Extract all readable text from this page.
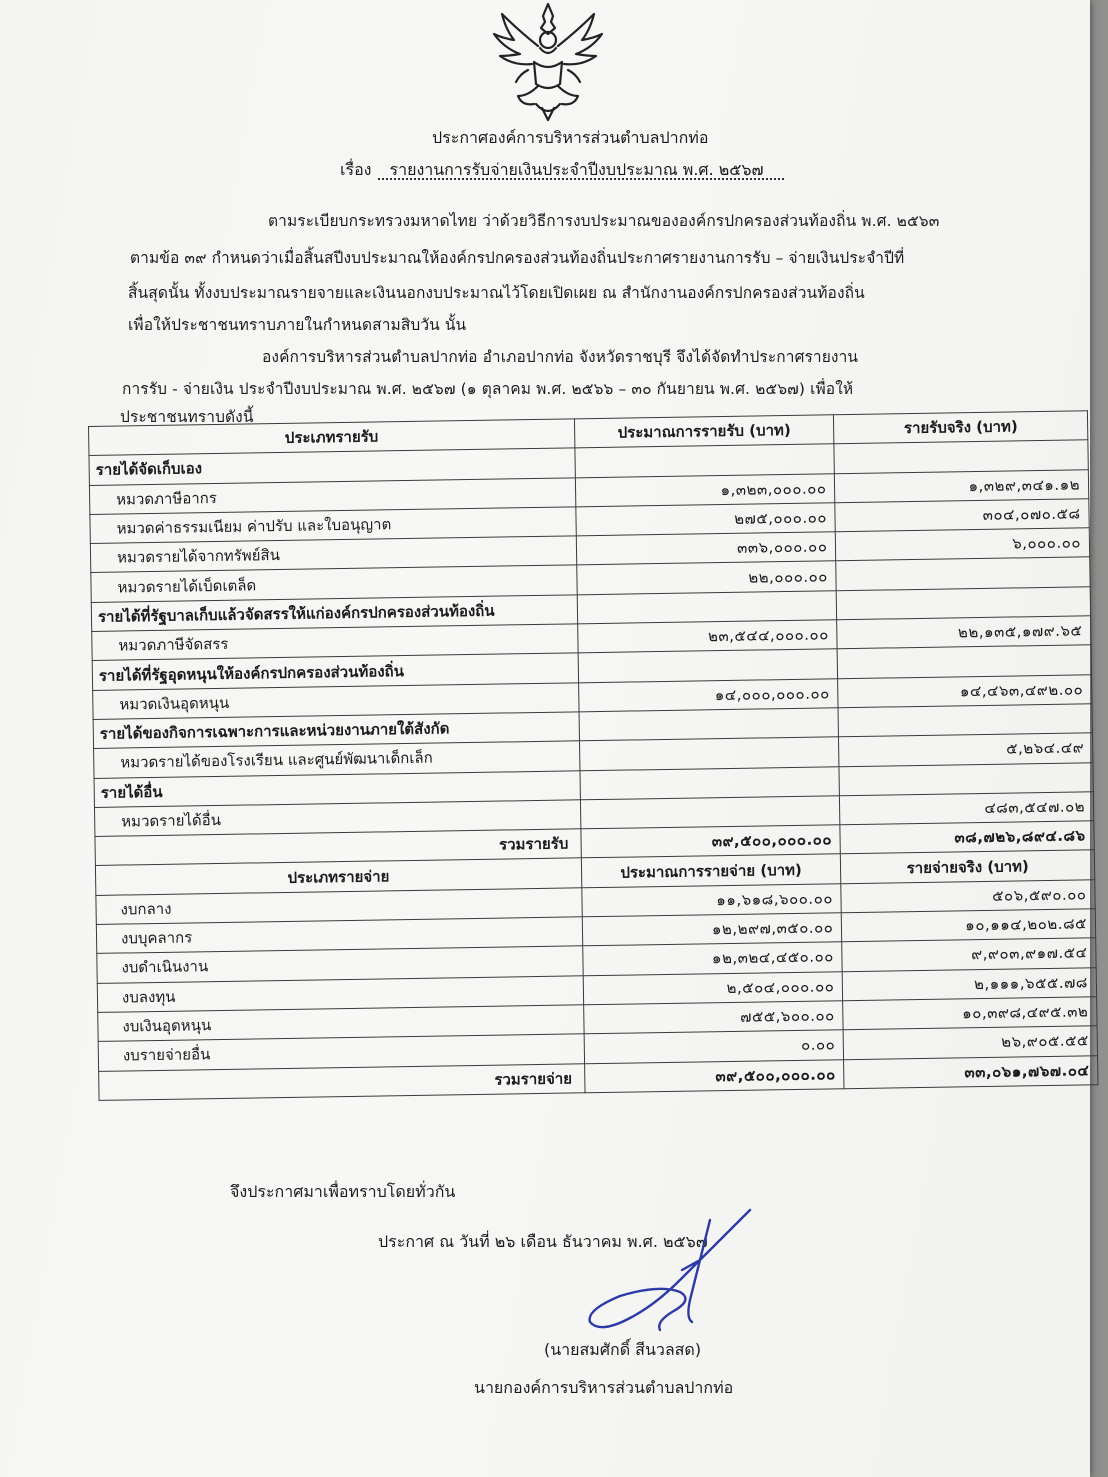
ประกาศองค์การบริหารส่วนตำบลปากท่อ
เรื่อง รายงานการรับจ่ายเงินประจำปีงบประมาณ พ.ศ. ๒๕๖๗
ตามระเบียบกระทรวงมหาดไทย ว่าด้วยวิธีการงบประมาณขององค์กรปกครองส่วนท้องถิ่น พ.ศ. ๒๕๖๓
ตามข้อ ๓๙ กำหนดว่าเมื่อสิ้นสปีงบประมาณให้องค์กรปกครองส่วนท้องถิ่นประกาศรายงานการรับ – จ่ายเงินประจำปีที่
สิ้นสุดนั้น ทั้งงบประมาณรายจายและเงินนอกงบประมาณไว้โดยเปิดเผย ณ สำนักงานองค์กรปกครองส่วนท้องถิ่น
เพื่อให้ประชาชนทราบภายในกำหนดสามสิบวัน นั้น
องค์การบริหารส่วนตำบลปากท่อ อำเภอปากท่อ จังหวัดราชบุรี จึงได้จัดทำประกาศรายงาน
การรับ - จ่ายเงิน ประจำปีงบประมาณ พ.ศ. ๒๕๖๗ (๑ ตุลาคม พ.ศ. ๒๕๖๖ – ๓๐ กันยายน พ.ศ. ๒๕๖๗) เพื่อให้
ประชาชนทราบดังนี้
ประเภทรายรับ	ประมาณการรายรับ (บาท)	รายรับจริง (บาท)
รายได้จัดเก็บเอง		
หมวดภาษีอากร	๑,๓๒๓,๐๐๐.๐๐	๑,๓๒๙,๓๔๑.๑๒
หมวดค่าธรรมเนียม ค่าปรับ และใบอนุญาต	๒๗๕,๐๐๐.๐๐	๓๐๔,๐๗๐.๕๘
หมวดรายได้จากทรัพย์สิน	๓๓๖,๐๐๐.๐๐	๖,๐๐๐.๐๐
หมวดรายได้เบ็ดเตล็ด	๒๒,๐๐๐.๐๐	
รายได้ที่รัฐบาลเก็บแล้วจัดสรรให้แก่องค์กรปกครองส่วนท้องถิ่น		
หมวดภาษีจัดสรร	๒๓,๕๔๔,๐๐๐.๐๐	๒๒,๑๓๕,๑๗๙.๖๕
รายได้ที่รัฐอุดหนุนให้องค์กรปกครองส่วนท้องถิ่น		
หมวดเงินอุดหนุน	๑๔,๐๐๐,๐๐๐.๐๐	๑๔,๔๖๓,๔๙๒.๐๐
รายได้ของกิจการเฉพาะการและหน่วยงานภายใต้สังกัด		
หมวดรายได้ของโรงเรียน และศูนย์พัฒนาเด็กเล็ก		๕,๒๖๔.๔๙
รายได้อื่น		
หมวดรายได้อื่น		๔๘๓,๕๔๗.๐๒
รวมรายรับ	๓๙,๕๐๐,๐๐๐.๐๐	๓๘,๗๒๖,๘๙๔.๘๖
ประเภทรายจ่าย	ประมาณการรายจ่าย (บาท)	รายจ่ายจริง (บาท)
งบกลาง	๑๑,๖๑๘,๖๐๐.๐๐	๕๐๖,๕๙๐.๐๐
งบบุคลากร	๑๒,๒๙๗,๓๕๐.๐๐	๑๐,๑๑๔,๒๐๒.๘๕
งบดำเนินงาน	๑๒,๓๒๔,๔๕๐.๐๐	๙,๙๐๓,๙๑๗.๕๔
งบลงทุน	๒,๕๐๔,๐๐๐.๐๐	๒,๑๑๑,๖๕๕.๗๘
งบเงินอุดหนุน	๗๕๕,๖๐๐.๐๐	๑๐,๓๙๘,๔๙๕.๓๒
งบรายจ่ายอื่น	๐.๐๐	๒๖,๙๐๕.๕๕
รวมรายจ่าย	๓๙,๕๐๐,๐๐๐.๐๐	๓๓,๐๖๑,๗๖๗.๐๔
จึงประกาศมาเพื่อทราบโดยทั่วกัน
ประกาศ ณ วันที่ ๒๖ เดือน ธันวาคม พ.ศ. ๒๕๖๗
(นายสมศักดิ์ สีนวลสด)
นายกองค์การบริหารส่วนตำบลปากท่อ
